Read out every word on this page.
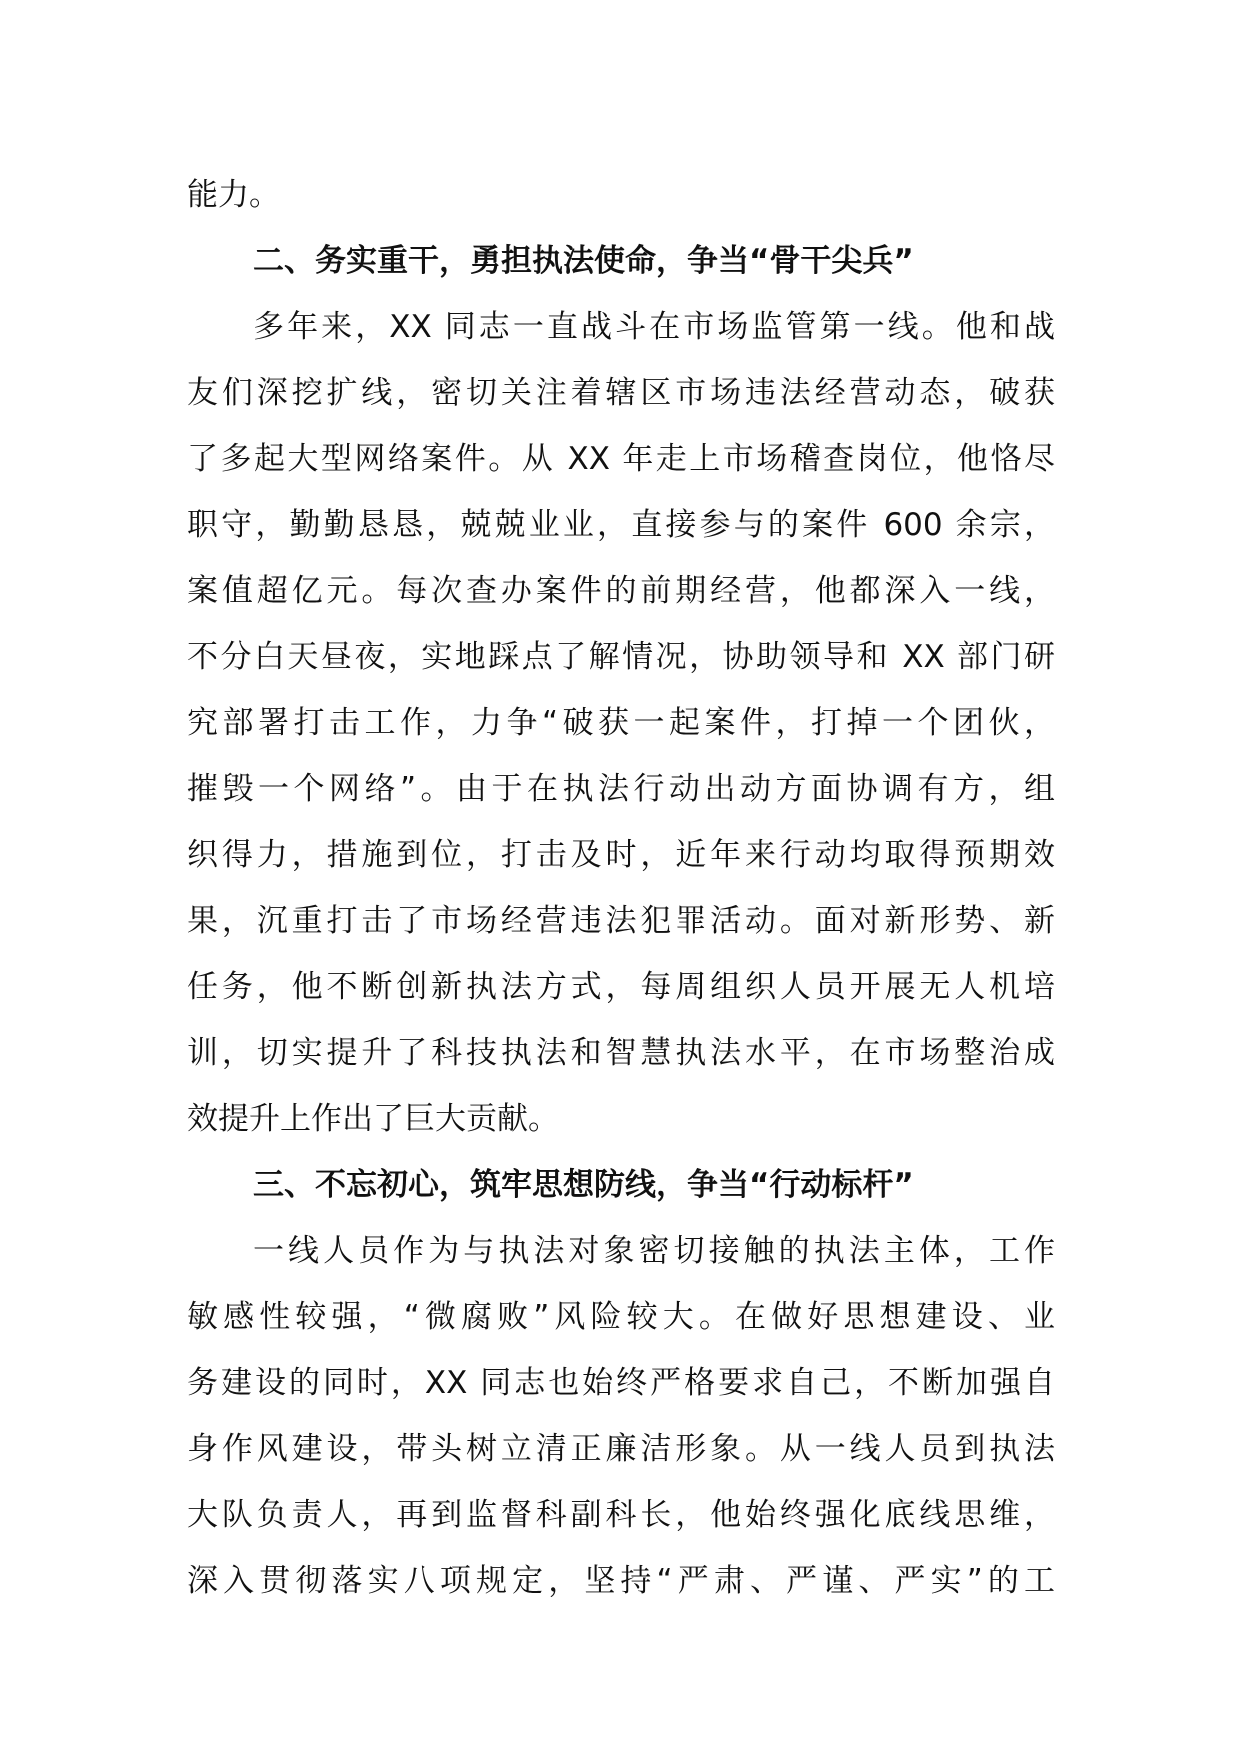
能力。
二、务实重干，勇担执法使命，争当“骨干尖兵”
多年来，XX 同志一直战斗在市场监管第一线。他和战
友们深挖扩线，密切关注着辖区市场违法经营动态，破获
了多起大型网络案件。从 XX 年走上市场稽查岗位，他恪尽
职守，勤勤恳恳，兢兢业业，直接参与的案件 600 余宗，
案值超亿元。每次查办案件的前期经营，他都深入一线，
不分白天昼夜，实地踩点了解情况，协助领导和 XX 部门研
究部署打击工作，力争“破获一起案件，打掉一个团伙，
摧毁一个网络”。由于在执法行动出动方面协调有方，组
织得力，措施到位，打击及时，近年来行动均取得预期效
果，沉重打击了市场经营违法犯罪活动。面对新形势、新
任务，他不断创新执法方式，每周组织人员开展无人机培
训，切实提升了科技执法和智慧执法水平，在市场整治成
效提升上作出了巨大贡献。
三、不忘初心，筑牢思想防线，争当“行动标杆”
一线人员作为与执法对象密切接触的执法主体，工作
敏感性较强，“微腐败”风险较大。在做好思想建设、业
务建设的同时，XX 同志也始终严格要求自己，不断加强自
身作风建设，带头树立清正廉洁形象。从一线人员到执法
大队负责人，再到监督科副科长，他始终强化底线思维，
深入贯彻落实八项规定，坚持“严肃、严谨、严实”的工
